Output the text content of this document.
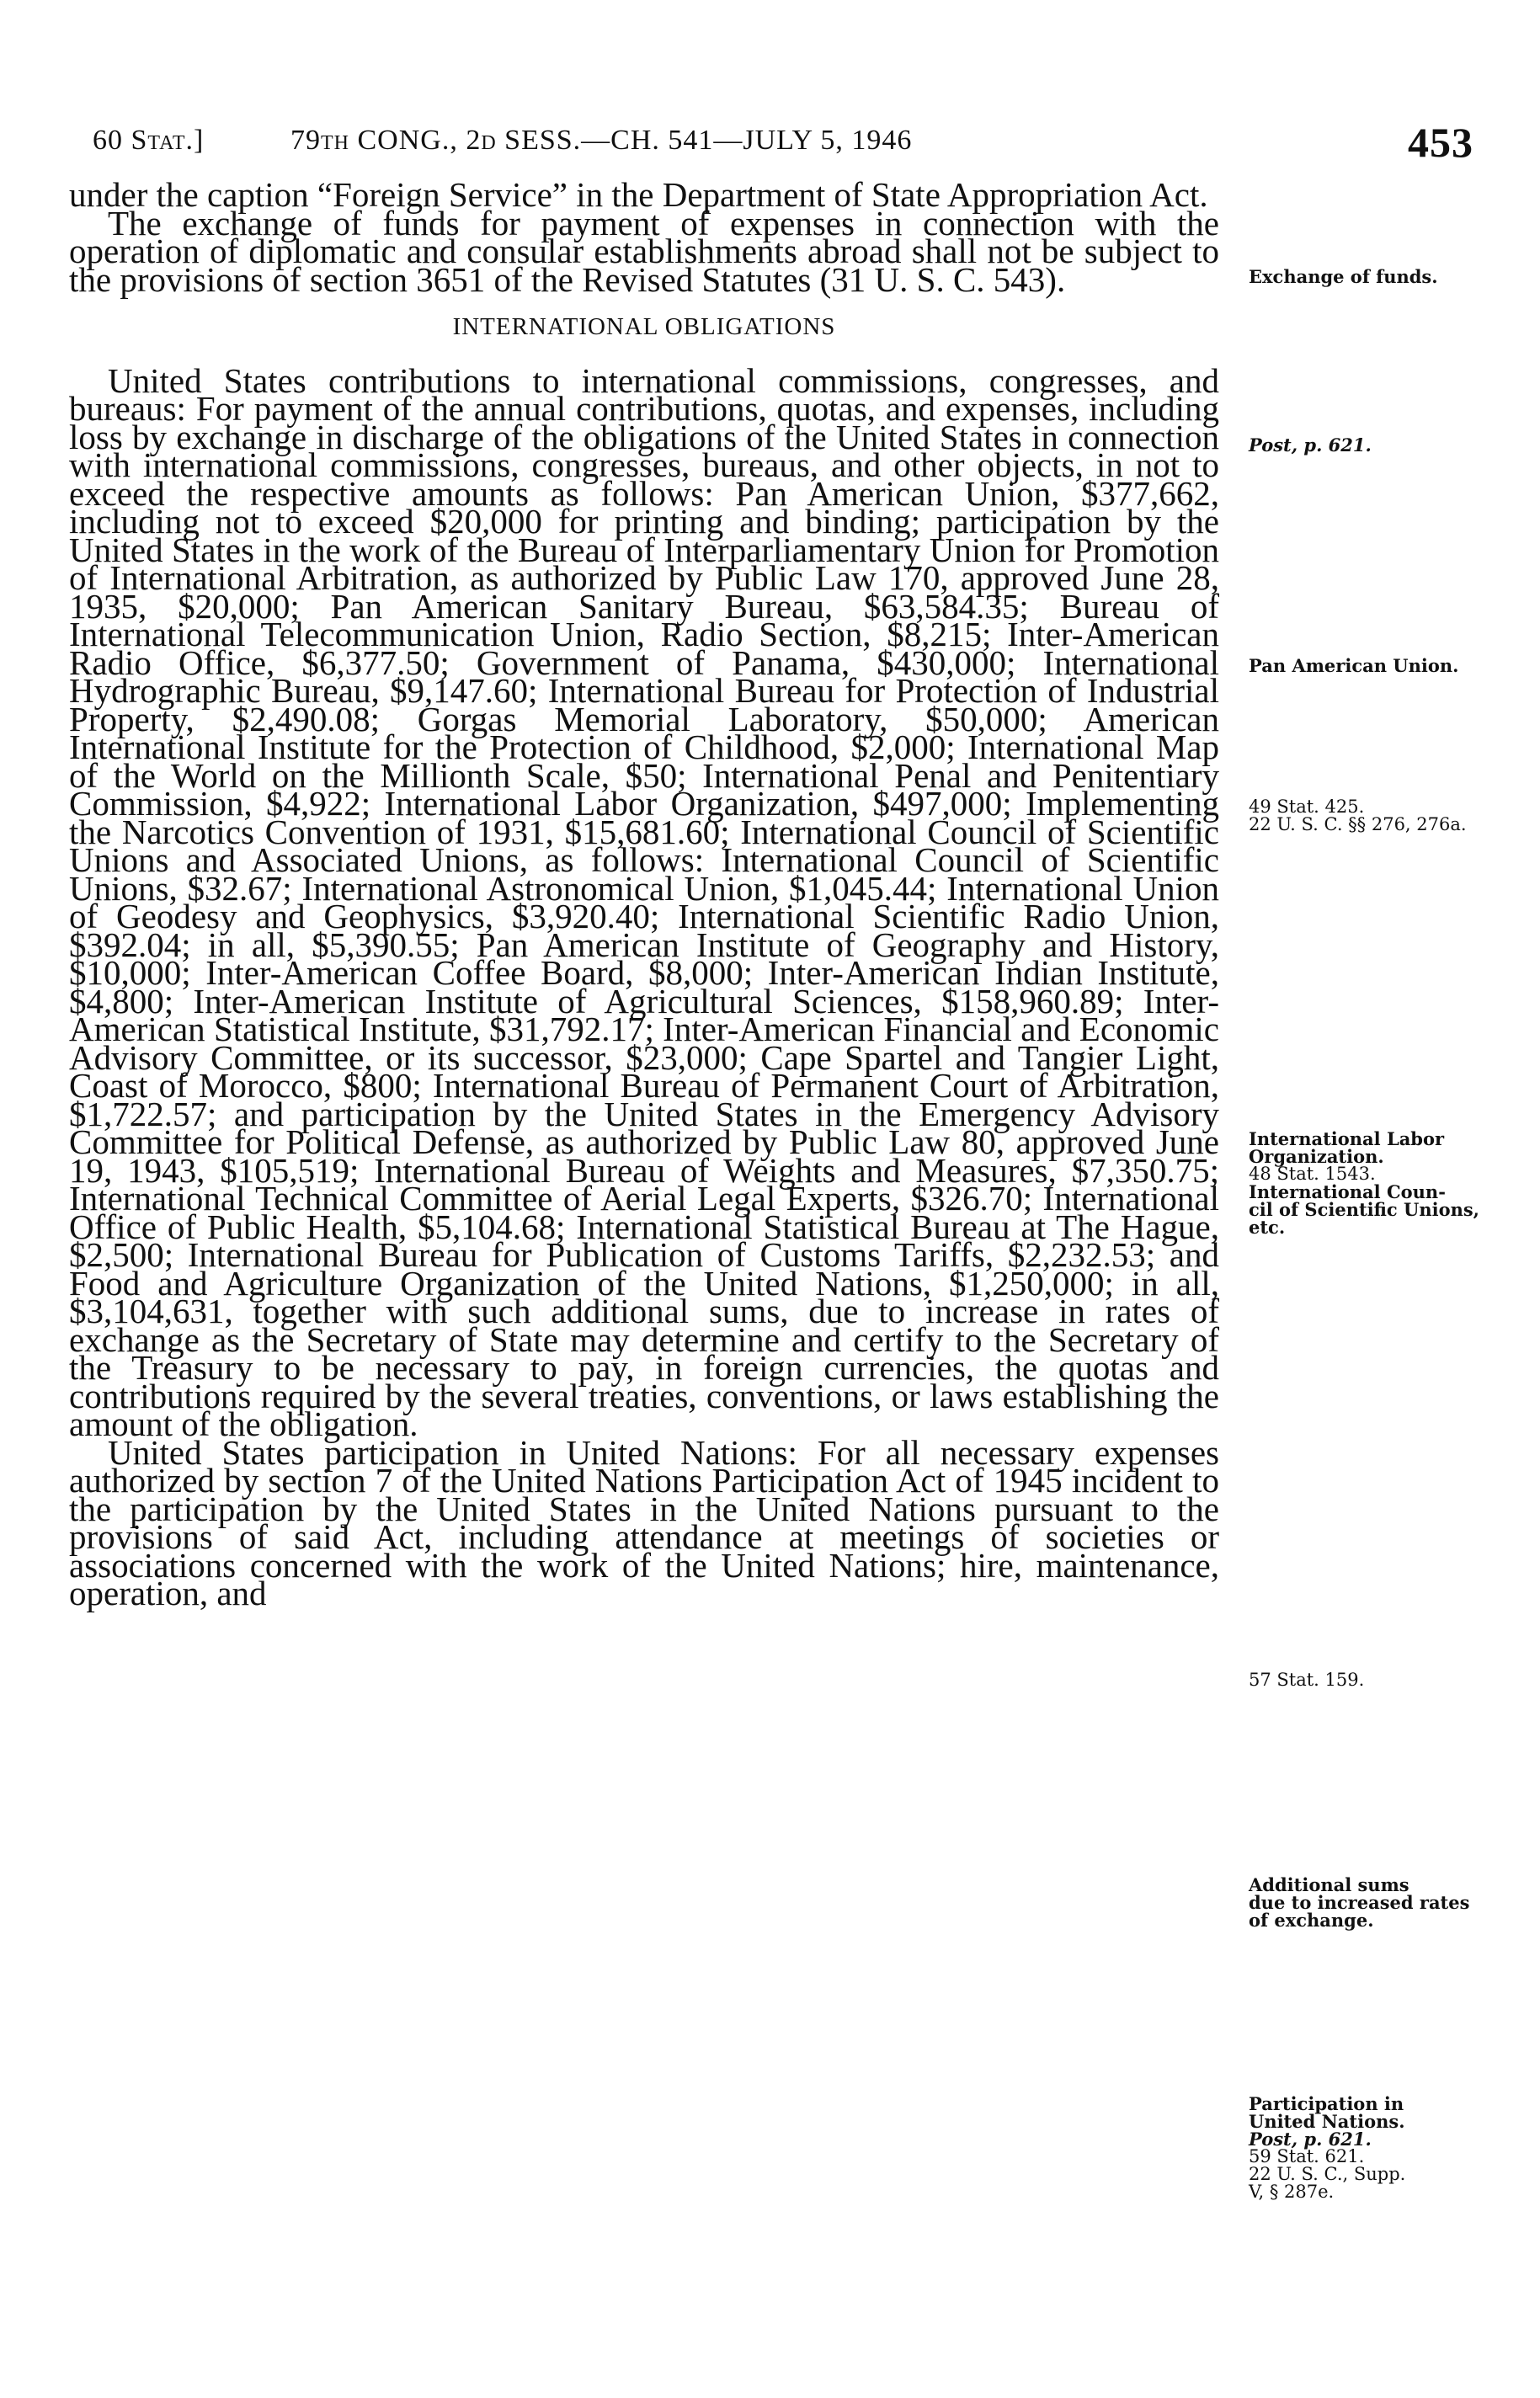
60 Stat.]	79th CONG., 2d SESS.—CH. 541—JULY 5, 1946	453

under the caption “Foreign Service” in the Department of State Appropriation Act.

The exchange of funds for payment of expenses in connection with the operation of diplomatic and consular establishments abroad shall not be subject to the provisions of section 3651 of the Revised Statutes (31 U. S. C. 543).

INTERNATIONAL OBLIGATIONS

United States contributions to international commissions, congresses, and bureaus: For payment of the annual contributions, quotas, and expenses, including loss by exchange in discharge of the obligations of the United States in connection with international commissions, congresses, bureaus, and other objects, in not to exceed the respective amounts as follows: Pan American Union, $377,662, including not to exceed $20,000 for printing and binding; participation by the United States in the work of the Bureau of Interparliamentary Union for Promotion of International Arbitration, as authorized by Public Law 170, approved June 28, 1935, $20,000; Pan American Sanitary Bureau, $63,584.35; Bureau of International Telecommunication Union, Radio Section, $8,215; Inter-American Radio Office, $6,377.50; Government of Panama, $430,000; International Hydrographic Bureau, $9,147.60; International Bureau for Protection of Industrial Property, $2,490.08; Gorgas Memorial Laboratory, $50,000; American International Institute for the Protection of Childhood, $2,000; International Map of the World on the Millionth Scale, $50; International Penal and Penitentiary Commission, $4,922; International Labor Organization, $497,000; Implementing the Narcotics Convention of 1931, $15,681.60; International Council of Scientific Unions and Associated Unions, as follows: International Council of Scientific Unions, $32.67; International Astronomical Union, $1,045.44; International Union of Geodesy and Geophysics, $3,920.40; International Scientific Radio Union, $392.04; in all, $5,390.55; Pan American Institute of Geography and History, $10,000; Inter-American Coffee Board, $8,000; Inter-American Indian Institute, $4,800; Inter-American Institute of Agricultural Sciences, $158,960.89; Inter-American Statistical Institute, $31,792.17; Inter-American Financial and Economic Advisory Committee, or its successor, $23,000; Cape Spartel and Tangier Light, Coast of Morocco, $800; International Bureau of Permanent Court of Arbitration, $1,722.57; and participation by the United States in the Emergency Advisory Committee for Political Defense, as authorized by Public Law 80, approved June 19, 1943, $105,519; International Bureau of Weights and Measures, $7,350.75; International Technical Committee of Aerial Legal Experts, $326.70; International Office of Public Health, $5,104.68; International Statistical Bureau at The Hague, $2,500; International Bureau for Publication of Customs Tariffs, $2,232.53; and Food and Agriculture Organization of the United Nations, $1,250,000; in all, $3,104,631, together with such additional sums, due to increase in rates of exchange as the Secretary of State may determine and certify to the Secretary of the Treasury to be necessary to pay, in foreign currencies, the quotas and contributions required by the several treaties, conventions, or laws establishing the amount of the obligation.

United States participation in United Nations: For all necessary expenses authorized by section 7 of the United Nations Participation Act of 1945 incident to the participation by the United States in the United Nations pursuant to the provisions of said Act, including attendance at meetings of societies or associations concerned with the work of the United Nations; hire, maintenance, operation, and

Exchange of funds.
Post, p. 621.
Pan American Union.
49 Stat. 425.
22 U. S. C. §§ 276, 276a.
International Labor
Organization.
48 Stat. 1543.
International Coun-
cil of Scientific Unions,
etc.
57 Stat. 159.
Additional sums
due to increased rates
of exchange.
Participation in
United Nations.
Post, p. 621.
59 Stat. 621.
22 U. S. C., Supp.
V, § 287e.
